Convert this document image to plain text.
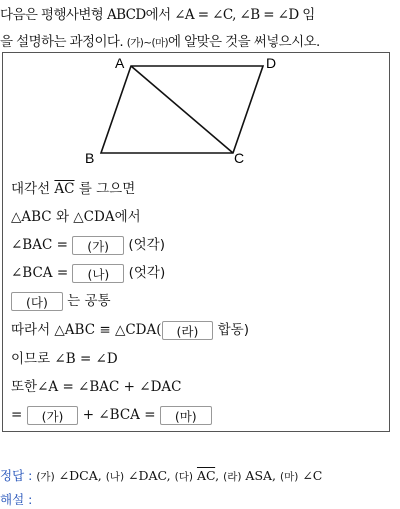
다음은 평행사변형 ABCD에서 ∠A = ∠C, ∠B = ∠D 임
을 설명하는 과정이다. (가)~(마)에 알맞은 것을 써넣으시오.
A	D
B	C
대각선 $\overline{AC}$ 를 그으면
△ABC 와 △CDA에서
∠BAC = (가) (엇각)
∠BCA = (나) (엇각)
(다) 는 공통
따라서 △ABC ≡ △CDA( (라) 합동)
이므로 ∠B = ∠D
또한∠A = ∠BAC + ∠DAC
= (가) + ∠BCA = (마)
정답 : (가) ∠DCA, (나) ∠DAC, (다) $\overline{AC}$, (라) ASA, (마) ∠C
해설 :
